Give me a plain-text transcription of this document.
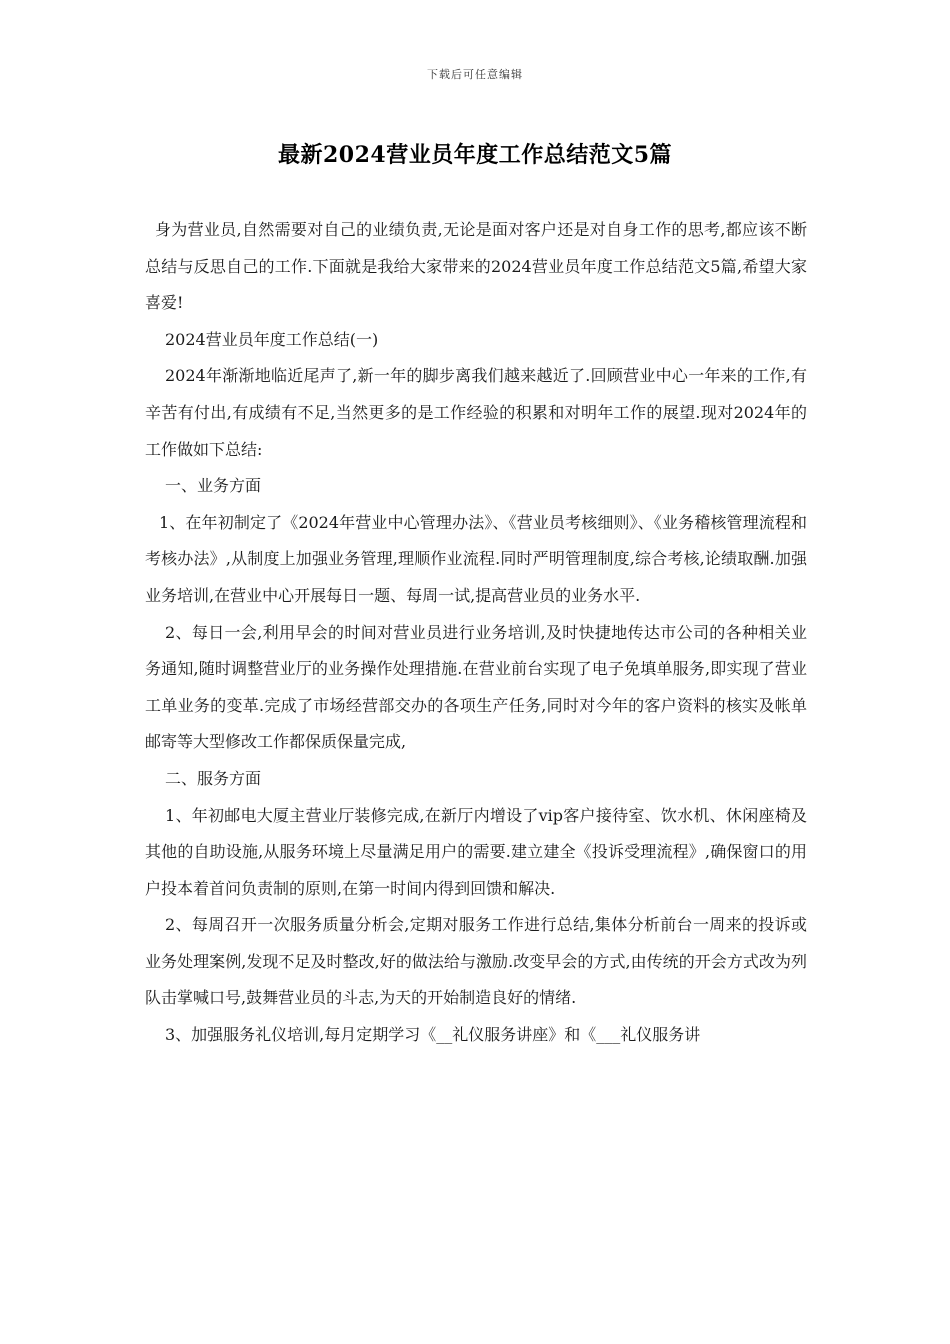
下载后可任意编辑
最新2024营业员年度工作总结范文5篇

身为营业员,自然需要对自己的业绩负责,无论是面对客户还是对自身工作的思考,都应该不断总结与反思自己的工作.下面就是我给大家带来的2024营业员年度工作总结范文5篇,希望大家喜爱!

2024营业员年度工作总结(一)

2024年渐渐地临近尾声了,新一年的脚步离我们越来越近了.回顾营业中心一年来的工作,有辛苦有付出,有成绩有不足,当然更多的是工作经验的积累和对明年工作的展望.现对2024年的工作做如下总结:

一、业务方面

1、在年初制定了《2024年营业中心管理办法》、《营业员考核细则》、《业务稽核管理流程和考核办法》,从制度上加强业务管理,理顺作业流程.同时严明管理制度,综合考核,论绩取酬.加强业务培训,在营业中心开展每日一题、每周一试,提高营业员的业务水平.

2、每日一会,利用早会的时间对营业员进行业务培训,及时快捷地传达市公司的各种相关业务通知,随时调整营业厅的业务操作处理措施.在营业前台实现了电子免填单服务,即实现了营业工单业务的变革.完成了市场经营部交办的各项生产任务,同时对今年的客户资料的核实及帐单邮寄等大型修改工作都保质保量完成,

二、服务方面

1、年初邮电大厦主营业厅装修完成,在新厅内增设了vip客户接待室、饮水机、休闲座椅及其他的自助设施,从服务环境上尽量满足用户的需要.建立建全《投诉受理流程》,确保窗口的用户投本着首问负责制的原则,在第一时间内得到回馈和解决.

2、每周召开一次服务质量分析会,定期对服务工作进行总结,集体分析前台一周来的投诉或业务处理案例,发现不足及时整改,好的做法给与激励.改变早会的方式,由传统的开会方式改为列队击掌喊口号,鼓舞营业员的斗志,为天的开始制造良好的情绪.

3、加强服务礼仪培训,每月定期学习《__礼仪服务讲座》和《___礼仪服务讲
